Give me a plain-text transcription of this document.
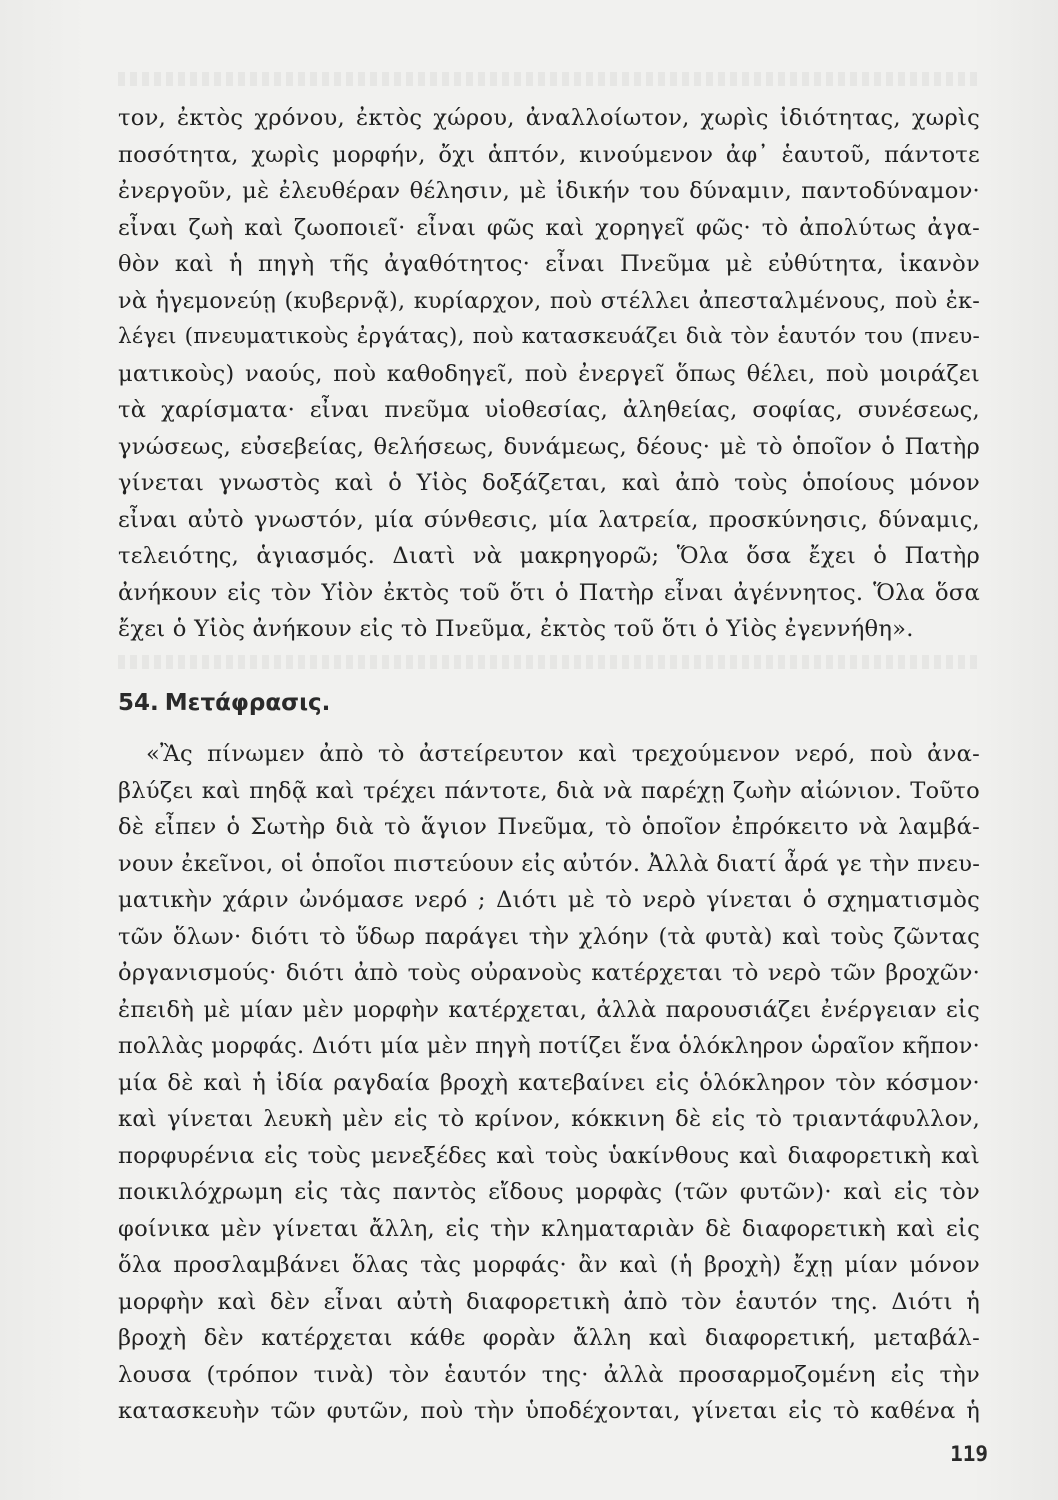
τον, ἐκτὸς χρόνου, ἐκτὸς χώρου, ἀναλλοίωτον, χωρὶς ἰδιότητας, χωρὶς
ποσότητα, χωρὶς μορφήν, ὄχι ἁπτόν, κινούμενον ἀφ᾽ ἑαυτοῦ, πάντοτε
ἐνεργοῦν, μὲ ἐλευθέραν θέλησιν, μὲ ἰδικήν του δύναμιν, παντοδύναμον·
εἶναι ζωὴ καὶ ζωοποιεῖ· εἶναι φῶς καὶ χορηγεῖ φῶς· τὸ ἀπολύτως ἀγα-
θὸν καὶ ἡ πηγὴ τῆς ἀγαθότητος· εἶναι Πνεῦμα μὲ εὐθύτητα, ἱκανὸν
νὰ ἡγεμονεύῃ (κυβερνᾷ), κυρίαρχον, ποὺ στέλλει ἀπεσταλμένους, ποὺ ἐκ-
λέγει (πνευματικοὺς ἐργάτας), ποὺ κατασκευάζει διὰ τὸν ἑαυτόν του (πνευ-
ματικοὺς) ναούς, ποὺ καθοδηγεῖ, ποὺ ἐνεργεῖ ὅπως θέλει, ποὺ μοιράζει
τὰ χαρίσματα· εἶναι πνεῦμα υἱοθεσίας, ἀληθείας, σοφίας, συνέσεως,
γνώσεως, εὐσεβείας, θελήσεως, δυνάμεως, δέους· μὲ τὸ ὁποῖον ὁ Πατὴρ
γίνεται γνωστὸς καὶ ὁ Υἱὸς δοξάζεται, καὶ ἀπὸ τοὺς ὁποίους μόνον
εἶναι αὐτὸ γνωστόν, μία σύνθεσις, μία λατρεία, προσκύνησις, δύναμις,
τελειότης, ἁγιασμός. Διατὶ νὰ μακρηγορῶ; Ὅλα ὅσα ἔχει ὁ Πατὴρ
ἀνήκουν εἰς τὸν Υἱὸν ἐκτὸς τοῦ ὅτι ὁ Πατὴρ εἶναι ἀγέννητος. Ὅλα ὅσα
ἔχει ὁ Υἱὸς ἀνήκουν εἰς τὸ Πνεῦμα, ἐκτὸς τοῦ ὅτι ὁ Υἱὸς ἐγεννήθη».
54. Μετάφρασις.
«Ἂς πίνωμεν ἀπὸ τὸ ἀστείρευτον καὶ τρεχούμενον νερό, ποὺ ἀνα-
βλύζει καὶ πηδᾷ καὶ τρέχει πάντοτε, διὰ νὰ παρέχῃ ζωὴν αἰώνιον. Τοῦτο
δὲ εἶπεν ὁ Σωτὴρ διὰ τὸ ἅγιον Πνεῦμα, τὸ ὁποῖον ἐπρόκειτο νὰ λαμβά-
νουν ἐκεῖνοι, οἱ ὁποῖοι πιστεύουν εἰς αὐτόν. Ἀλλὰ διατί ἆρά γε τὴν πνευ-
ματικὴν χάριν ὠνόμασε νερό ; Διότι μὲ τὸ νερὸ γίνεται ὁ σχηματισμὸς
τῶν ὅλων· διότι τὸ ὕδωρ παράγει τὴν χλόην (τὰ φυτὰ) καὶ τοὺς ζῶντας
ὀργανισμούς· διότι ἀπὸ τοὺς οὐρανοὺς κατέρχεται τὸ νερὸ τῶν βροχῶν·
ἐπειδὴ μὲ μίαν μὲν μορφὴν κατέρχεται, ἀλλὰ παρουσιάζει ἐνέργειαν εἰς
πολλὰς μορφάς. Διότι μία μὲν πηγὴ ποτίζει ἕνα ὁλόκληρον ὡραῖον κῆπον·
μία δὲ καὶ ἡ ἰδία ραγδαία βροχὴ κατεβαίνει εἰς ὁλόκληρον τὸν κόσμον·
καὶ γίνεται λευκὴ μὲν εἰς τὸ κρίνον, κόκκινη δὲ εἰς τὸ τριαντάφυλλον,
πορφυρένια εἰς τοὺς μενεξέδες καὶ τοὺς ὑακίνθους καὶ διαφορετικὴ καὶ
ποικιλόχρωμη εἰς τὰς παντὸς εἴδους μορφὰς (τῶν φυτῶν)· καὶ εἰς τὸν
φοίνικα μὲν γίνεται ἄλλη, εἰς τὴν κληματαριὰν δὲ διαφορετικὴ καὶ εἰς
ὅλα προσλαμβάνει ὅλας τὰς μορφάς· ἂν καὶ (ἡ βροχὴ) ἔχῃ μίαν μόνον
μορφὴν καὶ δὲν εἶναι αὐτὴ διαφορετικὴ ἀπὸ τὸν ἑαυτόν της. Διότι ἡ
βροχὴ δὲν κατέρχεται κάθε φορὰν ἄλλη καὶ διαφορετική, μεταβάλ-
λουσα (τρόπον τινὰ) τὸν ἑαυτόν της· ἀλλὰ προσαρμοζομένη εἰς τὴν
κατασκευὴν τῶν φυτῶν, ποὺ τὴν ὑποδέχονται, γίνεται εἰς τὸ καθένα ἡ
119
